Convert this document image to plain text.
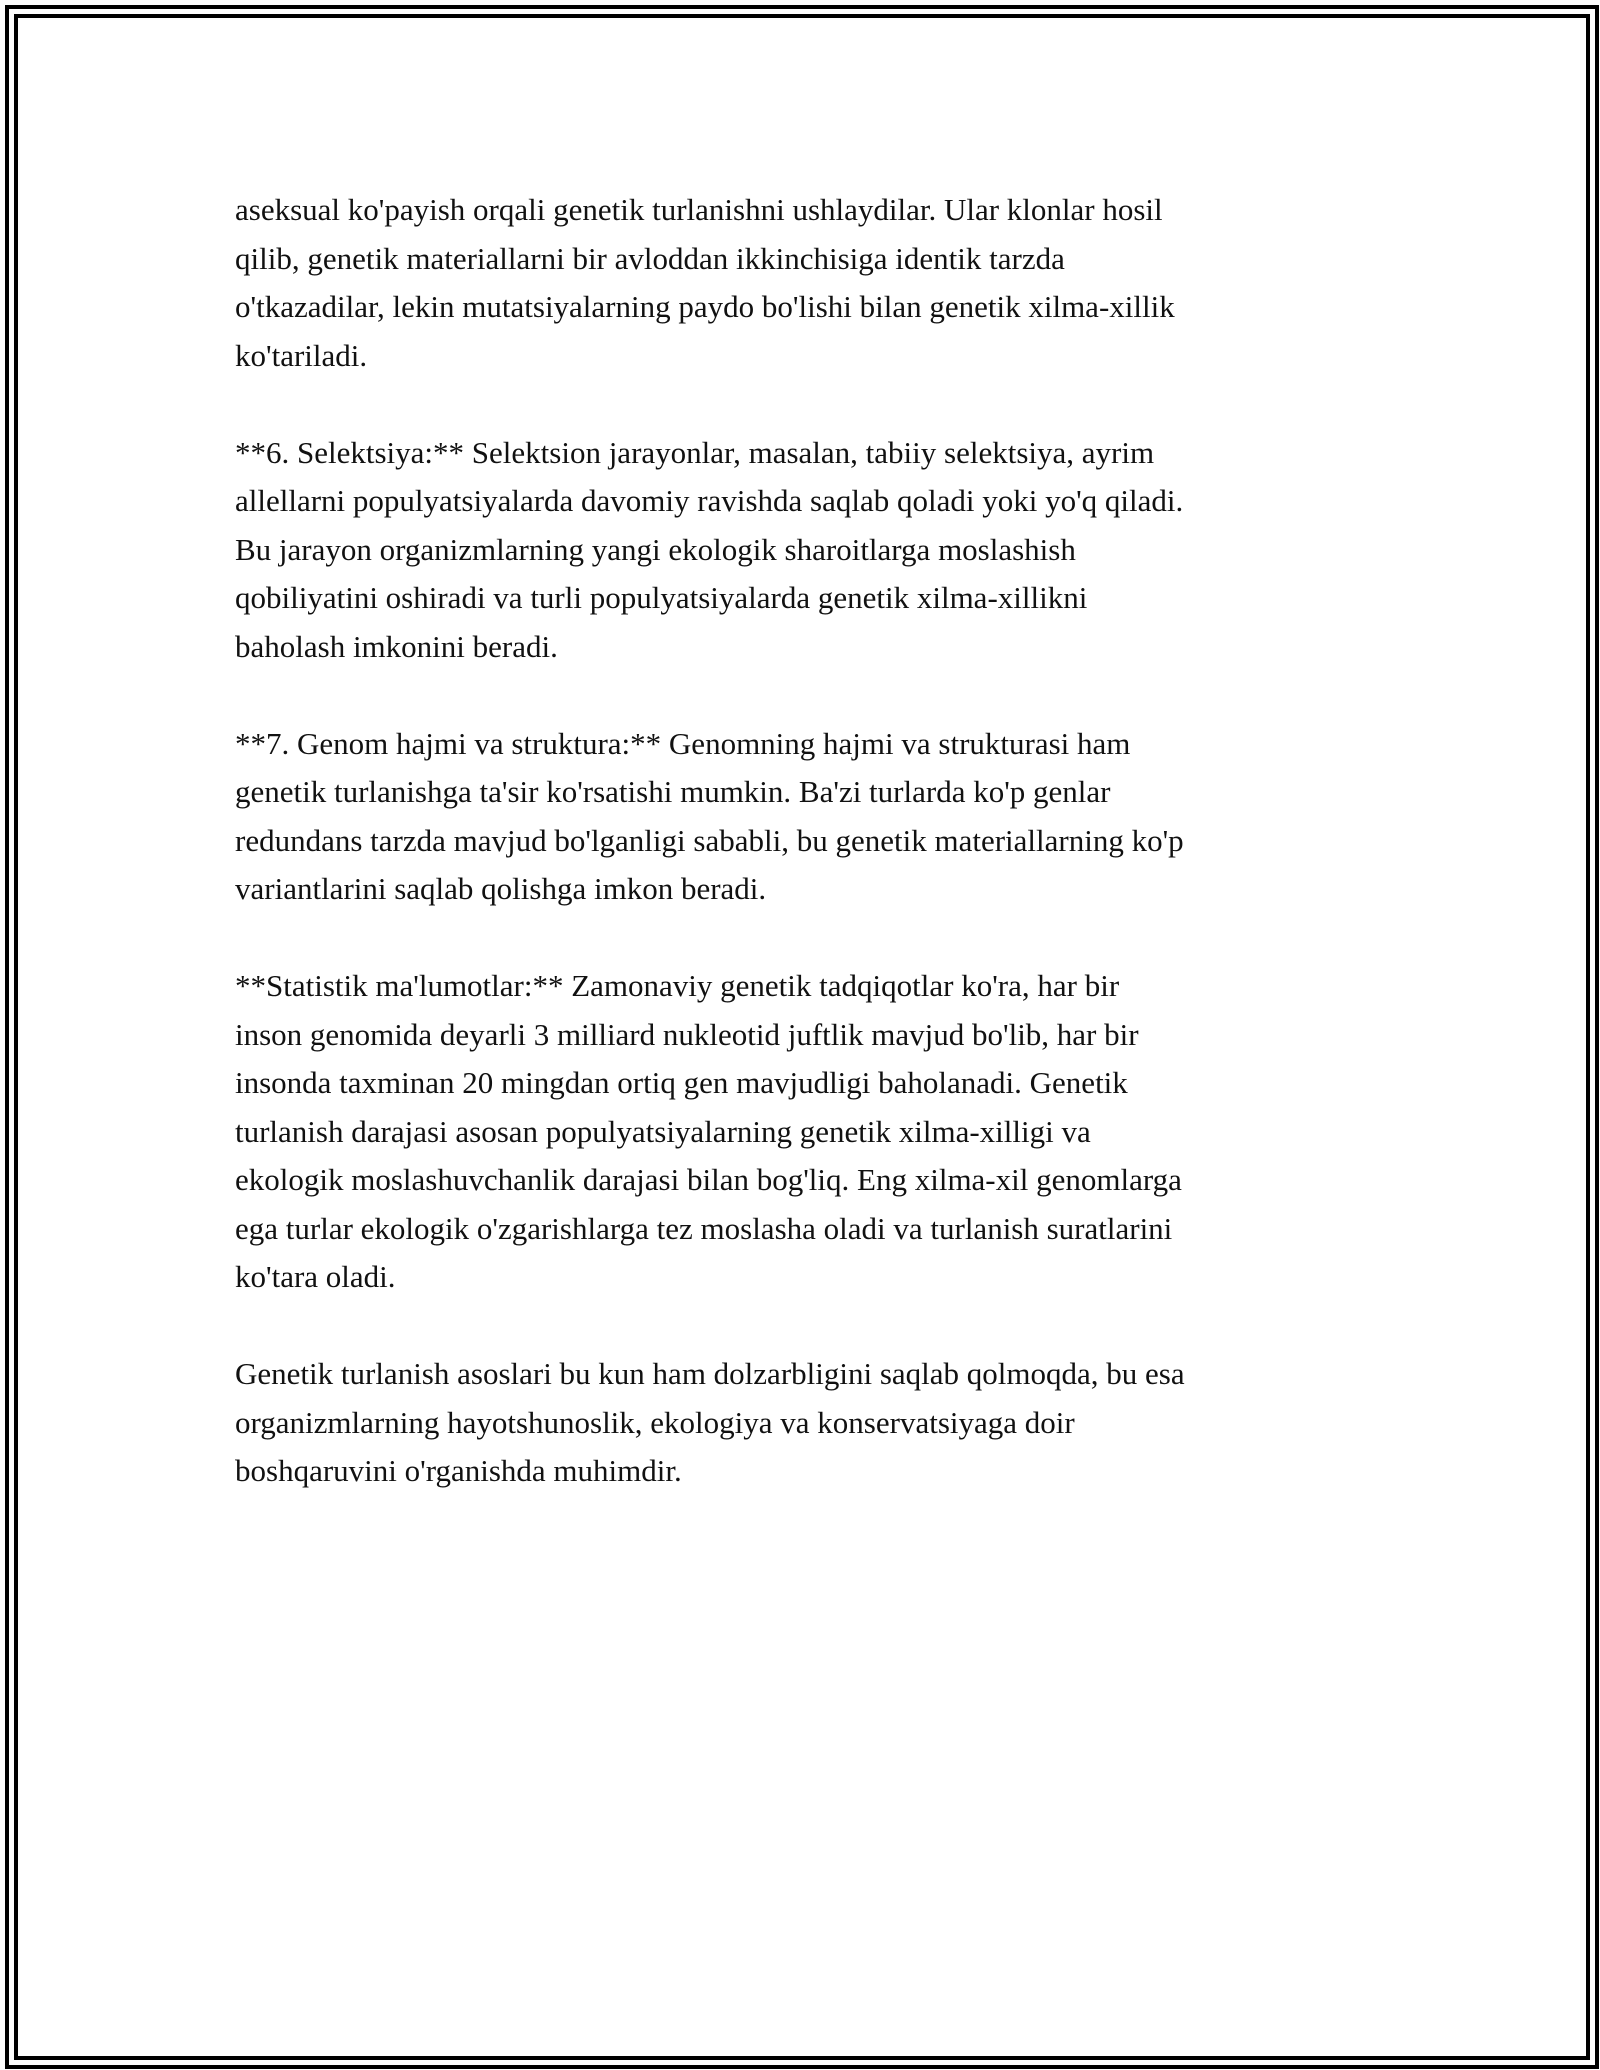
aseksual ko'payish orqali genetik turlanishni ushlaydilar. Ular klonlar hosil
qilib, genetik materiallarni bir avloddan ikkinchisiga identik tarzda
o'tkazadilar, lekin mutatsiyalarning paydo bo'lishi bilan genetik xilma-xillik
ko'tariladi.

**6. Selektsiya:** Selektsion jarayonlar, masalan, tabiiy selektsiya, ayrim
allellarni populyatsiyalarda davomiy ravishda saqlab qoladi yoki yo'q qiladi.
Bu jarayon organizmlarning yangi ekologik sharoitlarga moslashish
qobiliyatini oshiradi va turli populyatsiyalarda genetik xilma-xillikni
baholash imkonini beradi.

**7. Genom hajmi va struktura:** Genomning hajmi va strukturasi ham
genetik turlanishga ta'sir ko'rsatishi mumkin. Ba'zi turlarda ko'p genlar
redundans tarzda mavjud bo'lganligi sababli, bu genetik materiallarning ko'p
variantlarini saqlab qolishga imkon beradi.

**Statistik ma'lumotlar:** Zamonaviy genetik tadqiqotlar ko'ra, har bir
inson genomida deyarli 3 milliard nukleotid juftlik mavjud bo'lib, har bir
insonda taxminan 20 mingdan ortiq gen mavjudligi baholanadi. Genetik
turlanish darajasi asosan populyatsiyalarning genetik xilma-xilligi va
ekologik moslashuvchanlik darajasi bilan bog'liq. Eng xilma-xil genomlarga
ega turlar ekologik o'zgarishlarga tez moslasha oladi va turlanish suratlarini
ko'tara oladi.

Genetik turlanish asoslari bu kun ham dolzarbligini saqlab qolmoqda, bu esa
organizmlarning hayotshunoslik, ekologiya va konservatsiyaga doir
boshqaruvini o'rganishda muhimdir.
